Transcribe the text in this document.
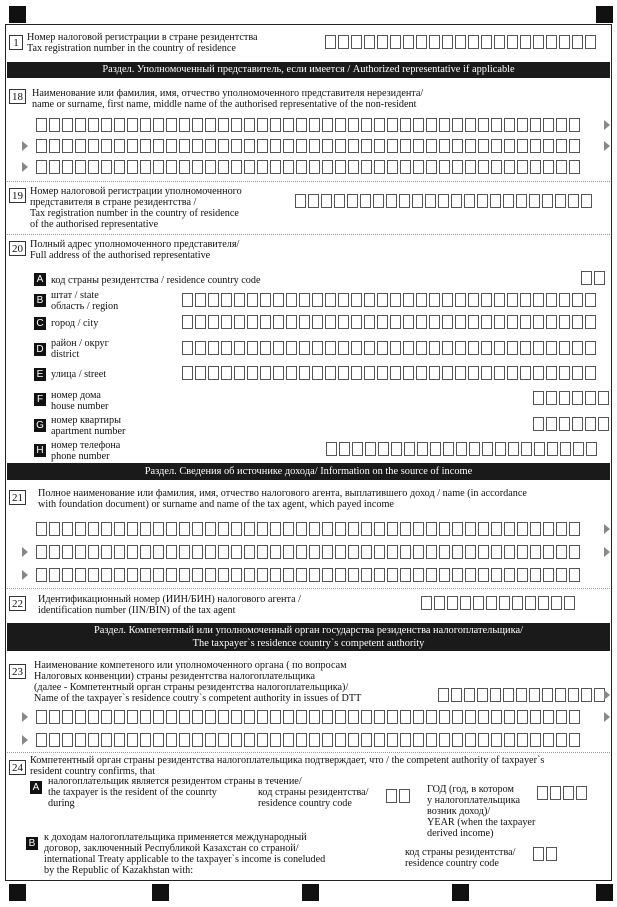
1 Номер налоговой регистрации в стране резидентства
Tax registration number in the country of residence
Раздел. Уполномоченный представитель, если имеется / Authorized representative if applicable
18 Наименование или фамилия, имя, отчество уполномоченного представителя нерезидента/
name or surname, first name, middle name of the authorised representative of the non-resident
19 Номер налоговой регистрации уполномоченного
представителя в стране резидентства /
Tax registration number in the country of residence
of the authorised representative
20 Полный адрес уполномоченного представителя/
Full address of the authorised representative
A код страны резидентства / residence country code
B штат / state
область / region
C город / city
D
район / округ
district
E улица / street
F номер дома
house number
G номер квартиры
apartment number
H номер телефона
phone number
Раздел. Сведения об источнике дохода/ Information on the source of income
21 Полное наименование или фамилия, имя, отчество налогового агента, выплатившего доход / name (in accordance
with foundation document) or surname and name of the tax agent, which payed income
22 Идентификационный номер (ИИН/БИН) налогового агента /
identification number (IIN/BIN) of the tax agent
Раздел. Компетентный или уполномоченный орган государства резиденства налогоплательщика/
The taxpayer`s residence country`s competent authority
23
Наименование компетеного или уполномоченного органа ( по вопросам
Налоговых конвенции) страны резидентства налогоплательщика
(далее - Компетентный орган страны резидентства налогоплательщика)/
Name of the taxpayer`s residence coutry`s competent authority in issues of DTT
24
Компетентный орган страны резидентства налогоплательщика подтверждает, что / the competent authority of taxpayer`s
resident country confirms, that
A
налогоплательщик является резидентом страны в течение/
the taxpayer is the resident of the counrty
during
код страны резидентства/
residence country code
ГОД (год, в котором
у налогоплательщика
возник доход)/
YEAR (when the taxpayer
derived income)
B
к доходам налогоплательщика применяется международный
договор, заключенный Республикой Казахстан со страной/
international Treaty applicable to the taxpayer`s income is coneluded
by the Republic of Kazakhstan with:
код страны резидентства/
residence country code
